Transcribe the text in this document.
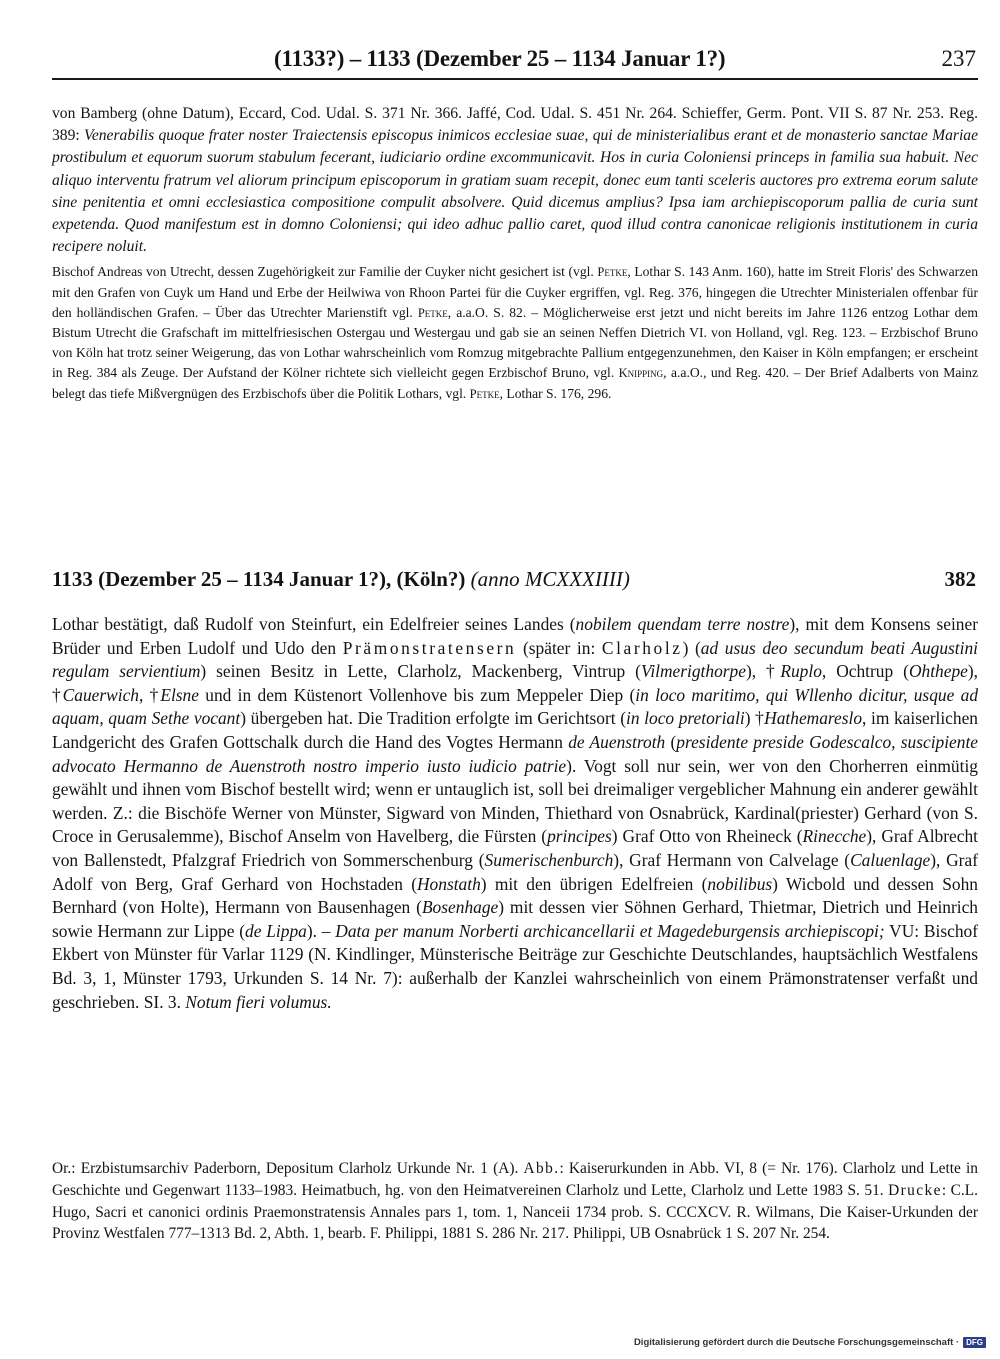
(1133?) – 1133 (Dezember 25 – 1134 Januar 1?)	237

von Bamberg (ohne Datum), Eccard, Cod. Udal. S. 371 Nr. 366. Jaffé, Cod. Udal. S. 451 Nr. 264. Schieffer, Germ. Pont. VII S. 87 Nr. 253. Reg. 389: Venerabilis quoque frater noster Traiectensis episcopus inimicos ecclesiae suae, qui de ministerialibus erant et de monasterio sanctae Mariae prostibulum et equorum suorum stabulum fecerant, iudiciario ordine excommunicavit. Hos in curia Coloniensi princeps in familia sua habuit. Nec aliquo interventu fratrum vel aliorum principum episcoporum in gratiam suam recepit, donec eum tanti sceleris auctores pro extrema eorum salute sine penitentia et omni ecclesiastica compositione compulit absolvere. Quid dicemus amplius? Ipsa iam archiepiscoporum pallia de curia sunt expetenda. Quod manifestum est in domno Coloniensi; qui ideo adhuc pallio caret, quod illud contra canonicae religionis institutionem in curia recipere noluit.

Bischof Andreas von Utrecht, dessen Zugehörigkeit zur Familie der Cuyker nicht gesichert ist (vgl. Petke, Lothar S. 143 Anm. 160), hatte im Streit Floris' des Schwarzen mit den Grafen von Cuyk um Hand und Erbe der Heilwiwa von Rhoon Partei für die Cuyker ergriffen, vgl. Reg. 376, hingegen die Utrechter Ministerialen offenbar für den holländischen Grafen. – Über das Utrechter Marienstift vgl. Petke, a.a.O. S. 82. – Möglicherweise erst jetzt und nicht bereits im Jahre 1126 entzog Lothar dem Bistum Utrecht die Grafschaft im mittelfriesischen Ostergau und Westergau und gab sie an seinen Neffen Dietrich VI. von Holland, vgl. Reg. 123. – Erzbischof Bruno von Köln hat trotz seiner Weigerung, das von Lothar wahrscheinlich vom Romzug mitgebrachte Pallium entgegenzunehmen, den Kaiser in Köln empfangen; er erscheint in Reg. 384 als Zeuge. Der Aufstand der Kölner richtete sich vielleicht gegen Erzbischof Bruno, vgl. Knipping, a.a.O., und Reg. 420. – Der Brief Adalberts von Mainz belegt das tiefe Mißvergnügen des Erzbischofs über die Politik Lothars, vgl. Petke, Lothar S. 176, 296.

1133 (Dezember 25 – 1134 Januar 1?), (Köln?) (anno MCXXXIIII)	382

Lothar bestätigt, daß Rudolf von Steinfurt, ein Edelfreier seines Landes (nobilem quendam terre nostre), mit dem Konsens seiner Brüder und Erben Ludolf und Udo den Prämonstratensern (später in: Clarholz) (ad usus deo secundum beati Augustini regulam servientium) seinen Besitz in Lette, Clarholz, Mackenberg, Vintrup (Vilmerigthorpe), †Ruplo, Ochtrup (Ohthepe), †Cauerwich, †Elsne und in dem Küstenort Vollenhove bis zum Meppeler Diep (in loco maritimo, qui Wllenho dicitur, usque ad aquam, quam Sethe vocant) übergeben hat. Die Tradition erfolgte im Gerichtsort (in loco pretoriali) †Hathemareslo, im kaiserlichen Landgericht des Grafen Gottschalk durch die Hand des Vogtes Hermann de Auenstroth (presidente preside Godescalco, suscipiente advocato Hermanno de Auenstroth nostro imperio iusto iudicio patrie). Vogt soll nur sein, wer von den Chorherren einmütig gewählt und ihnen vom Bischof bestellt wird; wenn er untauglich ist, soll bei dreimaliger vergeblicher Mahnung ein anderer gewählt werden. Z.: die Bischöfe Werner von Münster, Sigward von Minden, Thiethard von Osnabrück, Kardinal(priester) Gerhard (von S. Croce in Gerusalemme), Bischof Anselm von Havelberg, die Fürsten (principes) Graf Otto von Rheineck (Rinecche), Graf Albrecht von Ballenstedt, Pfalzgraf Friedrich von Sommerschenburg (Sumerischenburch), Graf Hermann von Calvelage (Caluenlage), Graf Adolf von Berg, Graf Gerhard von Hochstaden (Honstath) mit den übrigen Edelfreien (nobilibus) Wicbold und dessen Sohn Bernhard (von Holte), Hermann von Bausenhagen (Bosenhage) mit dessen vier Söhnen Gerhard, Thietmar, Dietrich und Heinrich sowie Hermann zur Lippe (de Lippa). – Data per manum Norberti archicancellarii et Magedeburgensis archiepiscopi; VU: Bischof Ekbert von Münster für Varlar 1129 (N. Kindlinger, Münsterische Beiträge zur Geschichte Deutschlandes, hauptsächlich Westfalens Bd. 3, 1, Münster 1793, Urkunden S. 14 Nr. 7): außerhalb der Kanzlei wahrscheinlich von einem Prämonstratenser verfaßt und geschrieben. SI. 3. Notum fieri volumus.

Or.: Erzbistumsarchiv Paderborn, Depositum Clarholz Urkunde Nr. 1 (A). Abb.: Kaiserurkunden in Abb. VI, 8 (= Nr. 176). Clarholz und Lette in Geschichte und Gegenwart 1133–1983. Heimatbuch, hg. von den Heimatvereinen Clarholz und Lette, Clarholz und Lette 1983 S. 51. Drucke: C.L. Hugo, Sacri et canonici ordinis Praemonstratensis Annales pars 1, tom. 1, Nanceii 1734 prob. S. CCCXCV. R. Wilmans, Die Kaiser-Urkunden der Provinz Westfalen 777–1313 Bd. 2, Abth. 1, bearb. F. Philippi, 1881 S. 286 Nr. 217. Philippi, UB Osnabrück 1 S. 207 Nr. 254.

Digitalisierung gefördert durch die Deutsche Forschungsgemeinschaft · DFG
